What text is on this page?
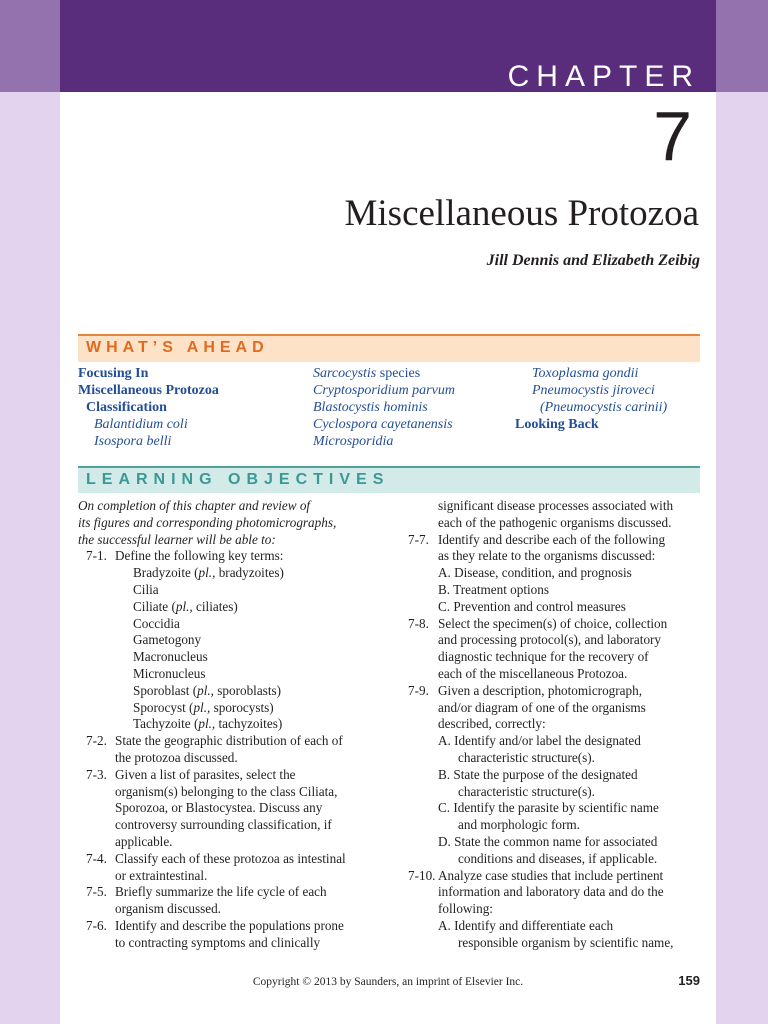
CHAPTER
7
Miscellaneous Protozoa
Jill Dennis and Elizabeth Zeibig
WHAT’S AHEAD
Focusing In
Miscellaneous Protozoa
Classification
Balantidium coli
Isospora belli
Sarcocystis species
Cryptosporidium parvum
Blastocystis hominis
Cyclospora cayetanensis
Microsporidia
Toxoplasma gondii
Pneumocystis jiroveci
(Pneumocystis carinii)
Looking Back
LEARNING OBJECTIVES
On completion of this chapter and review of
its figures and corresponding photomicrographs,
the successful learner will be able to:
7-1. Define the following key terms:
Bradyzoite (pl., bradyzoites)
Cilia
Ciliate (pl., ciliates)
Coccidia
Gametogony
Macronucleus
Micronucleus
Sporoblast (pl., sporoblasts)
Sporocyst (pl., sporocysts)
Tachyzoite (pl., tachyzoites)
7-2. State the geographic distribution of each of
the protozoa discussed.
7-3. Given a list of parasites, select the
organism(s) belonging to the class Ciliata,
Sporozoa, or Blastocystea. Discuss any
controversy surrounding classification, if
applicable.
7-4. Classify each of these protozoa as intestinal
or extraintestinal.
7-5. Briefly summarize the life cycle of each
organism discussed.
7-6. Identify and describe the populations prone
to contracting symptoms and clinically
significant disease processes associated with
each of the pathogenic organisms discussed.
7-7. Identify and describe each of the following
as they relate to the organisms discussed:
A. Disease, condition, and prognosis
B. Treatment options
C. Prevention and control measures
7-8. Select the specimen(s) of choice, collection
and processing protocol(s), and laboratory
diagnostic technique for the recovery of
each of the miscellaneous Protozoa.
7-9. Given a description, photomicrograph,
and/or diagram of one of the organisms
described, correctly:
A. Identify and/or label the designated
characteristic structure(s).
B. State the purpose of the designated
characteristic structure(s).
C. Identify the parasite by scientific name
and morphologic form.
D. State the common name for associated
conditions and diseases, if applicable.
7-10. Analyze case studies that include pertinent
information and laboratory data and do the
following:
A. Identify and differentiate each
responsible organism by scientific name,
Copyright © 2013 by Saunders, an imprint of Elsevier Inc.	159
